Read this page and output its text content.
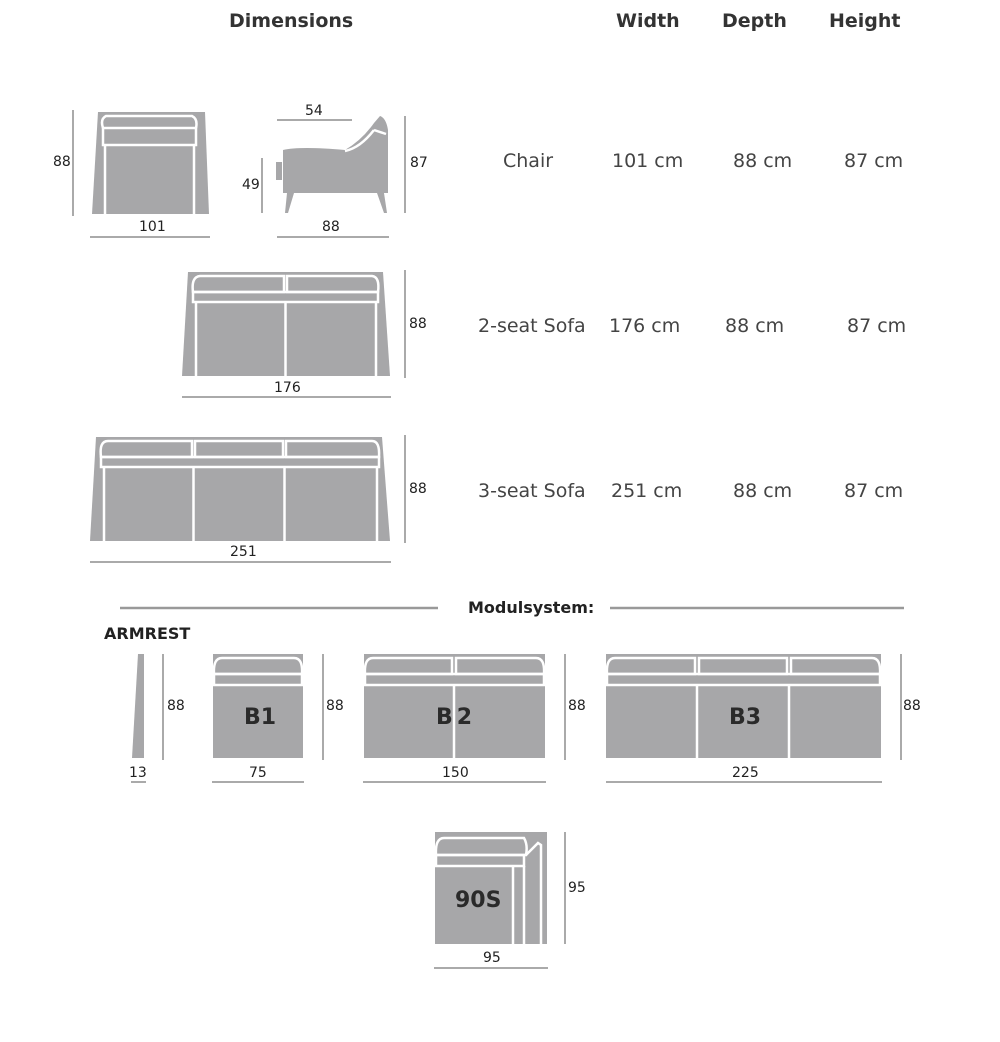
Dimensions	Width Depth Height
Chair	101 cm	88 cm	87 cm
2-seat Sofa 176 cm 88 cm	87 cm
3-seat Sofa 251 cm	88 cm	87 cm
88
101
54
49
87
88
88
176
88
251
Modulsystem:
ARMREST
88
13
B1	88
75
B2	88
150
B3	88
225
90S	95
95
